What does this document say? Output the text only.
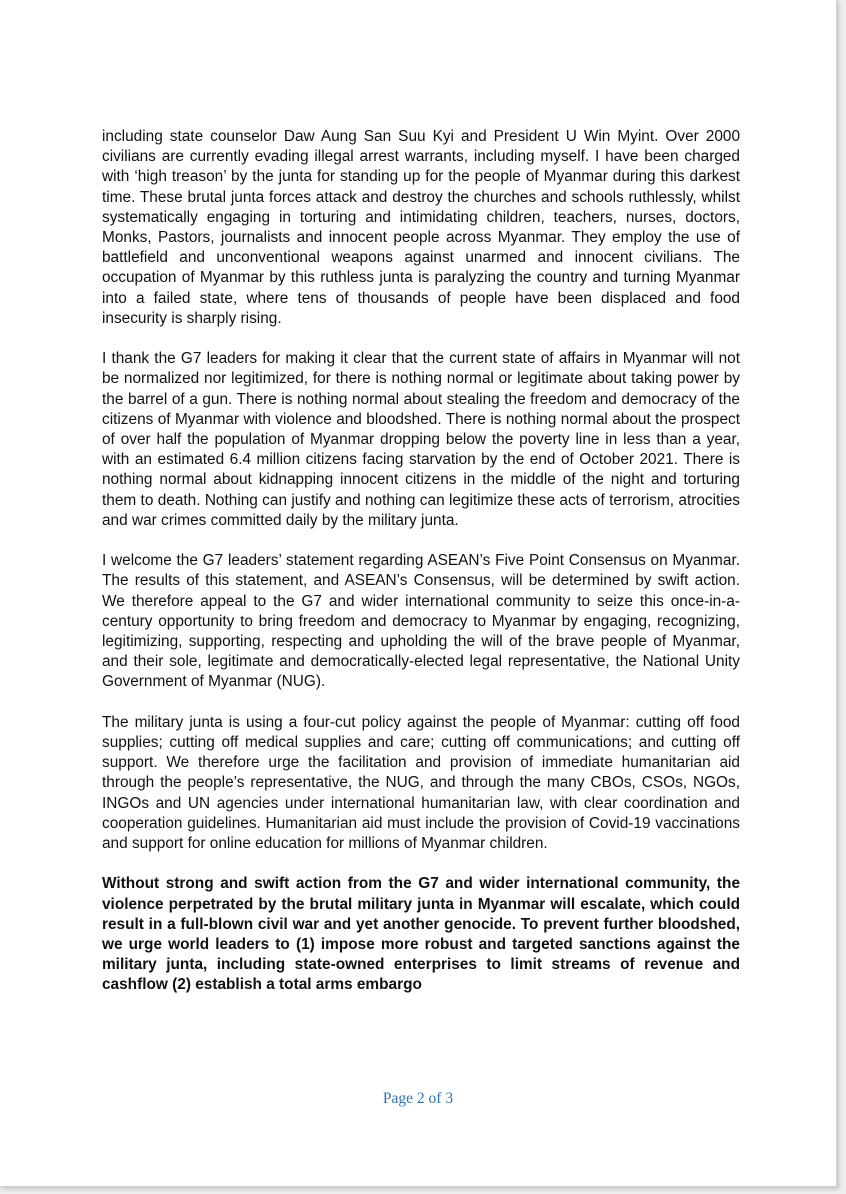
including state counselor Daw Aung San Suu Kyi and President U Win Myint. Over 2000 civilians are currently evading illegal arrest warrants, including myself. I have been charged with ‘high treason’ by the junta for standing up for the people of Myanmar during this darkest time. These brutal junta forces attack and destroy the churches and schools ruthlessly, whilst systematically engaging in torturing and intimidating children, teachers, nurses, doctors, Monks, Pastors, journalists and innocent people across Myanmar. They employ the use of battlefield and unconventional weapons against unarmed and innocent civilians. The occupation of Myanmar by this ruthless junta is paralyzing the country and turning Myanmar into a failed state, where tens of thousands of people have been displaced and food insecurity is sharply rising.

I thank the G7 leaders for making it clear that the current state of affairs in Myanmar will not be normalized nor legitimized, for there is nothing normal or legitimate about taking power by the barrel of a gun. There is nothing normal about stealing the freedom and democracy of the citizens of Myanmar with violence and bloodshed. There is nothing normal about the prospect of over half the population of Myanmar dropping below the poverty line in less than a year, with an estimated 6.4 million citizens facing starvation by the end of October 2021. There is nothing normal about kidnapping innocent citizens in the middle of the night and torturing them to death. Nothing can justify and nothing can legitimize these acts of terrorism, atrocities and war crimes committed daily by the military junta.

I welcome the G7 leaders’ statement regarding ASEAN’s Five Point Consensus on Myanmar. The results of this statement, and ASEAN’s Consensus, will be determined by swift action. We therefore appeal to the G7 and wider international community to seize this once-in-a-century opportunity to bring freedom and democracy to Myanmar by engaging, recognizing, legitimizing, supporting, respecting and upholding the will of the brave people of Myanmar, and their sole, legitimate and democratically-elected legal representative, the National Unity Government of Myanmar (NUG).

The military junta is using a four-cut policy against the people of Myanmar: cutting off food supplies; cutting off medical supplies and care; cutting off communications; and cutting off support. We therefore urge the facilitation and provision of immediate humanitarian aid through the people’s representative, the NUG, and through the many CBOs, CSOs, NGOs, INGOs and UN agencies under international humanitarian law, with clear coordination and cooperation guidelines. Humanitarian aid must include the provision of Covid-19 vaccinations and support for online education for millions of Myanmar children.

Without strong and swift action from the G7 and wider international community, the violence perpetrated by the brutal military junta in Myanmar will escalate, which could result in a full-blown civil war and yet another genocide. To prevent further bloodshed, we urge world leaders to (1) impose more robust and targeted sanctions against the military junta, including state-owned enterprises to limit streams of revenue and cashflow (2) establish a total arms embargo

Page 2 of 3
